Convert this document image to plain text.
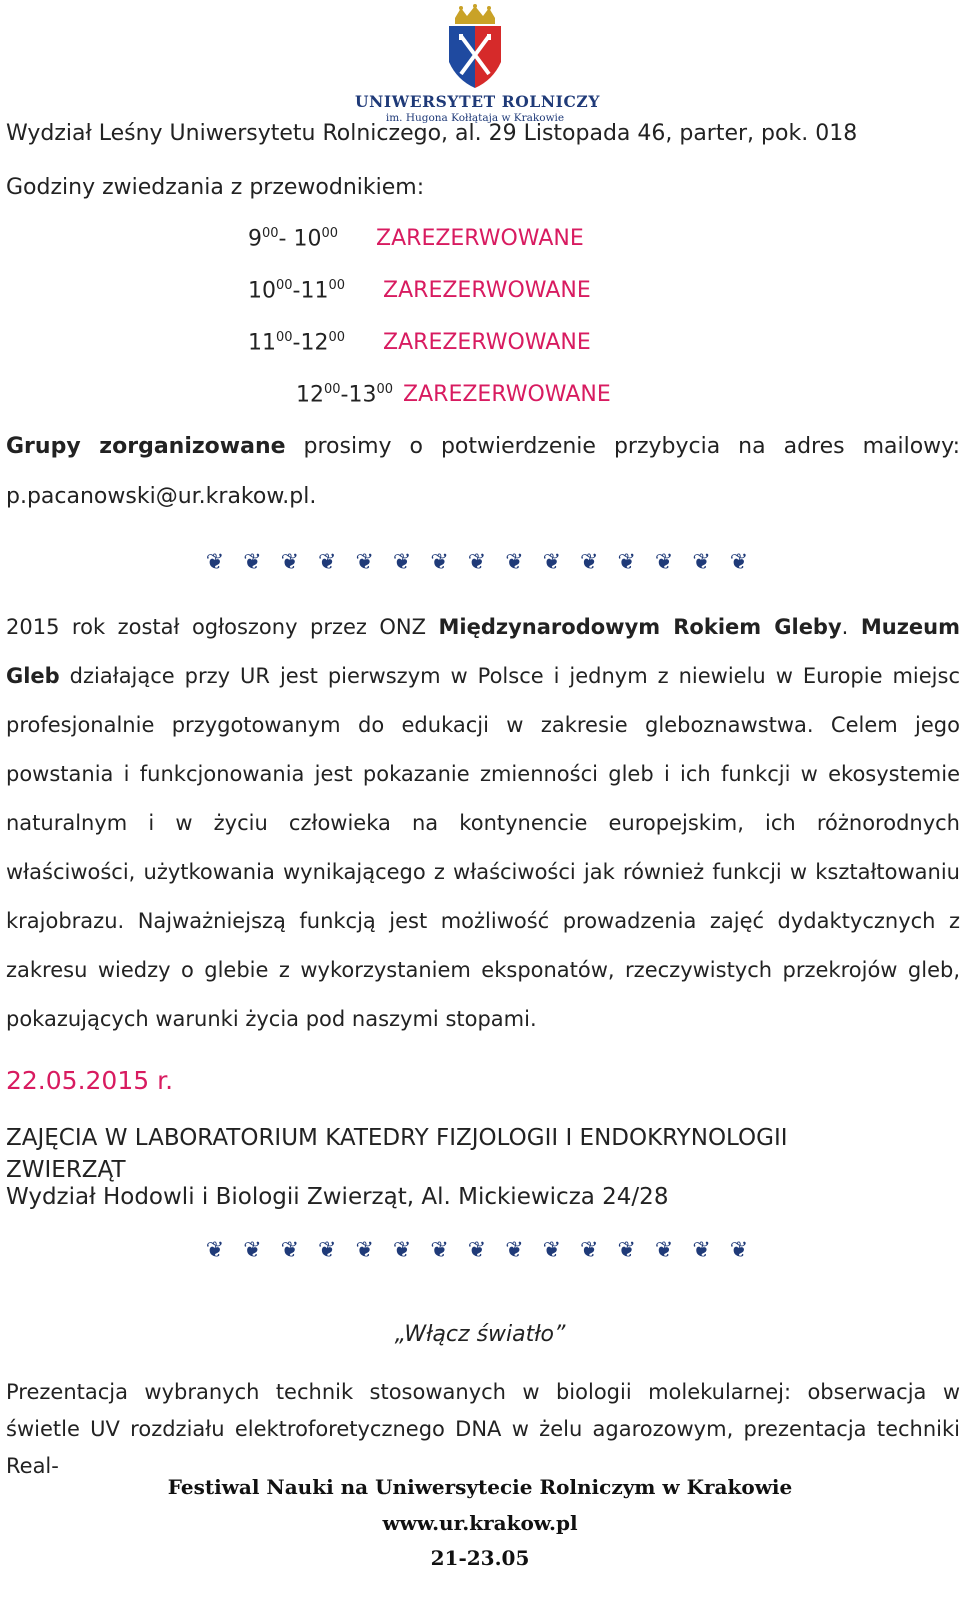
UNIWERSYTET ROLNICZY
im. Hugona Kołłątaja w Krakowie
Wydział Leśny Uniwersytetu Rolniczego, al. 29 Listopada 46, parter, pok. 018
Godziny zwiedzania z przewodnikiem:
$9^{00}-$ $10^{00}$ ZAREZERWOWANE
$10^{00}-11^{00}$ ZAREZERWOWANE
$11^{00}-12^{00}$ ZAREZERWOWANE
$12^{00}-13^{00}$ ZAREZERWOWANE
Grupy zorganizowane prosimy o potwierdzenie przybycia na adres mailowy:
p.pacanowski@ur.krakow.pl.
❦ ❦ ❦ ❦ ❦ ❦ ❦ ❦ ❦ ❦ ❦ ❦ ❦ ❦ ❦
2015 rok został ogłoszony przez ONZ Międzynarodowym Rokiem Gleby. Muzeum Gleb działające przy UR jest pierwszym w Polsce i jednym z niewielu w Europie miejsc profesjonalnie przygotowanym do edukacji w zakresie gleboznawstwa. Celem jego powstania i funkcjonowania jest pokazanie zmienności gleb i ich funkcji w ekosystemie naturalnym i w życiu człowieka na kontynencie europejskim, ich różnorodnych właściwości, użytkowania wynikającego z właściwości jak również funkcji w kształtowaniu krajobrazu. Najważniejszą funkcją jest możliwość prowadzenia zajęć dydaktycznych z zakresu wiedzy o glebie z wykorzystaniem eksponatów, rzeczywistych przekrojów gleb, pokazujących warunki życia pod naszymi stopami.
22.05.2015 r.
ZAJĘCIA W LABORATORIUM KATEDRY FIZJOLOGII I ENDOKRYNOLOGII ZWIERZĄT
Wydział Hodowli i Biologii Zwierząt, Al. Mickiewicza 24/28
❦ ❦ ❦ ❦ ❦ ❦ ❦ ❦ ❦ ❦ ❦ ❦ ❦ ❦ ❦
„Włącz światło”
Prezentacja wybranych technik stosowanych w biologii molekularnej: obserwacja w świetle UV rozdziału elektroforetycznego DNA w żelu agarozowym, prezentacja techniki Real-
Festiwal Nauki na Uniwersytecie Rolniczym w Krakowie
www.ur.krakow.pl
21-23.05
